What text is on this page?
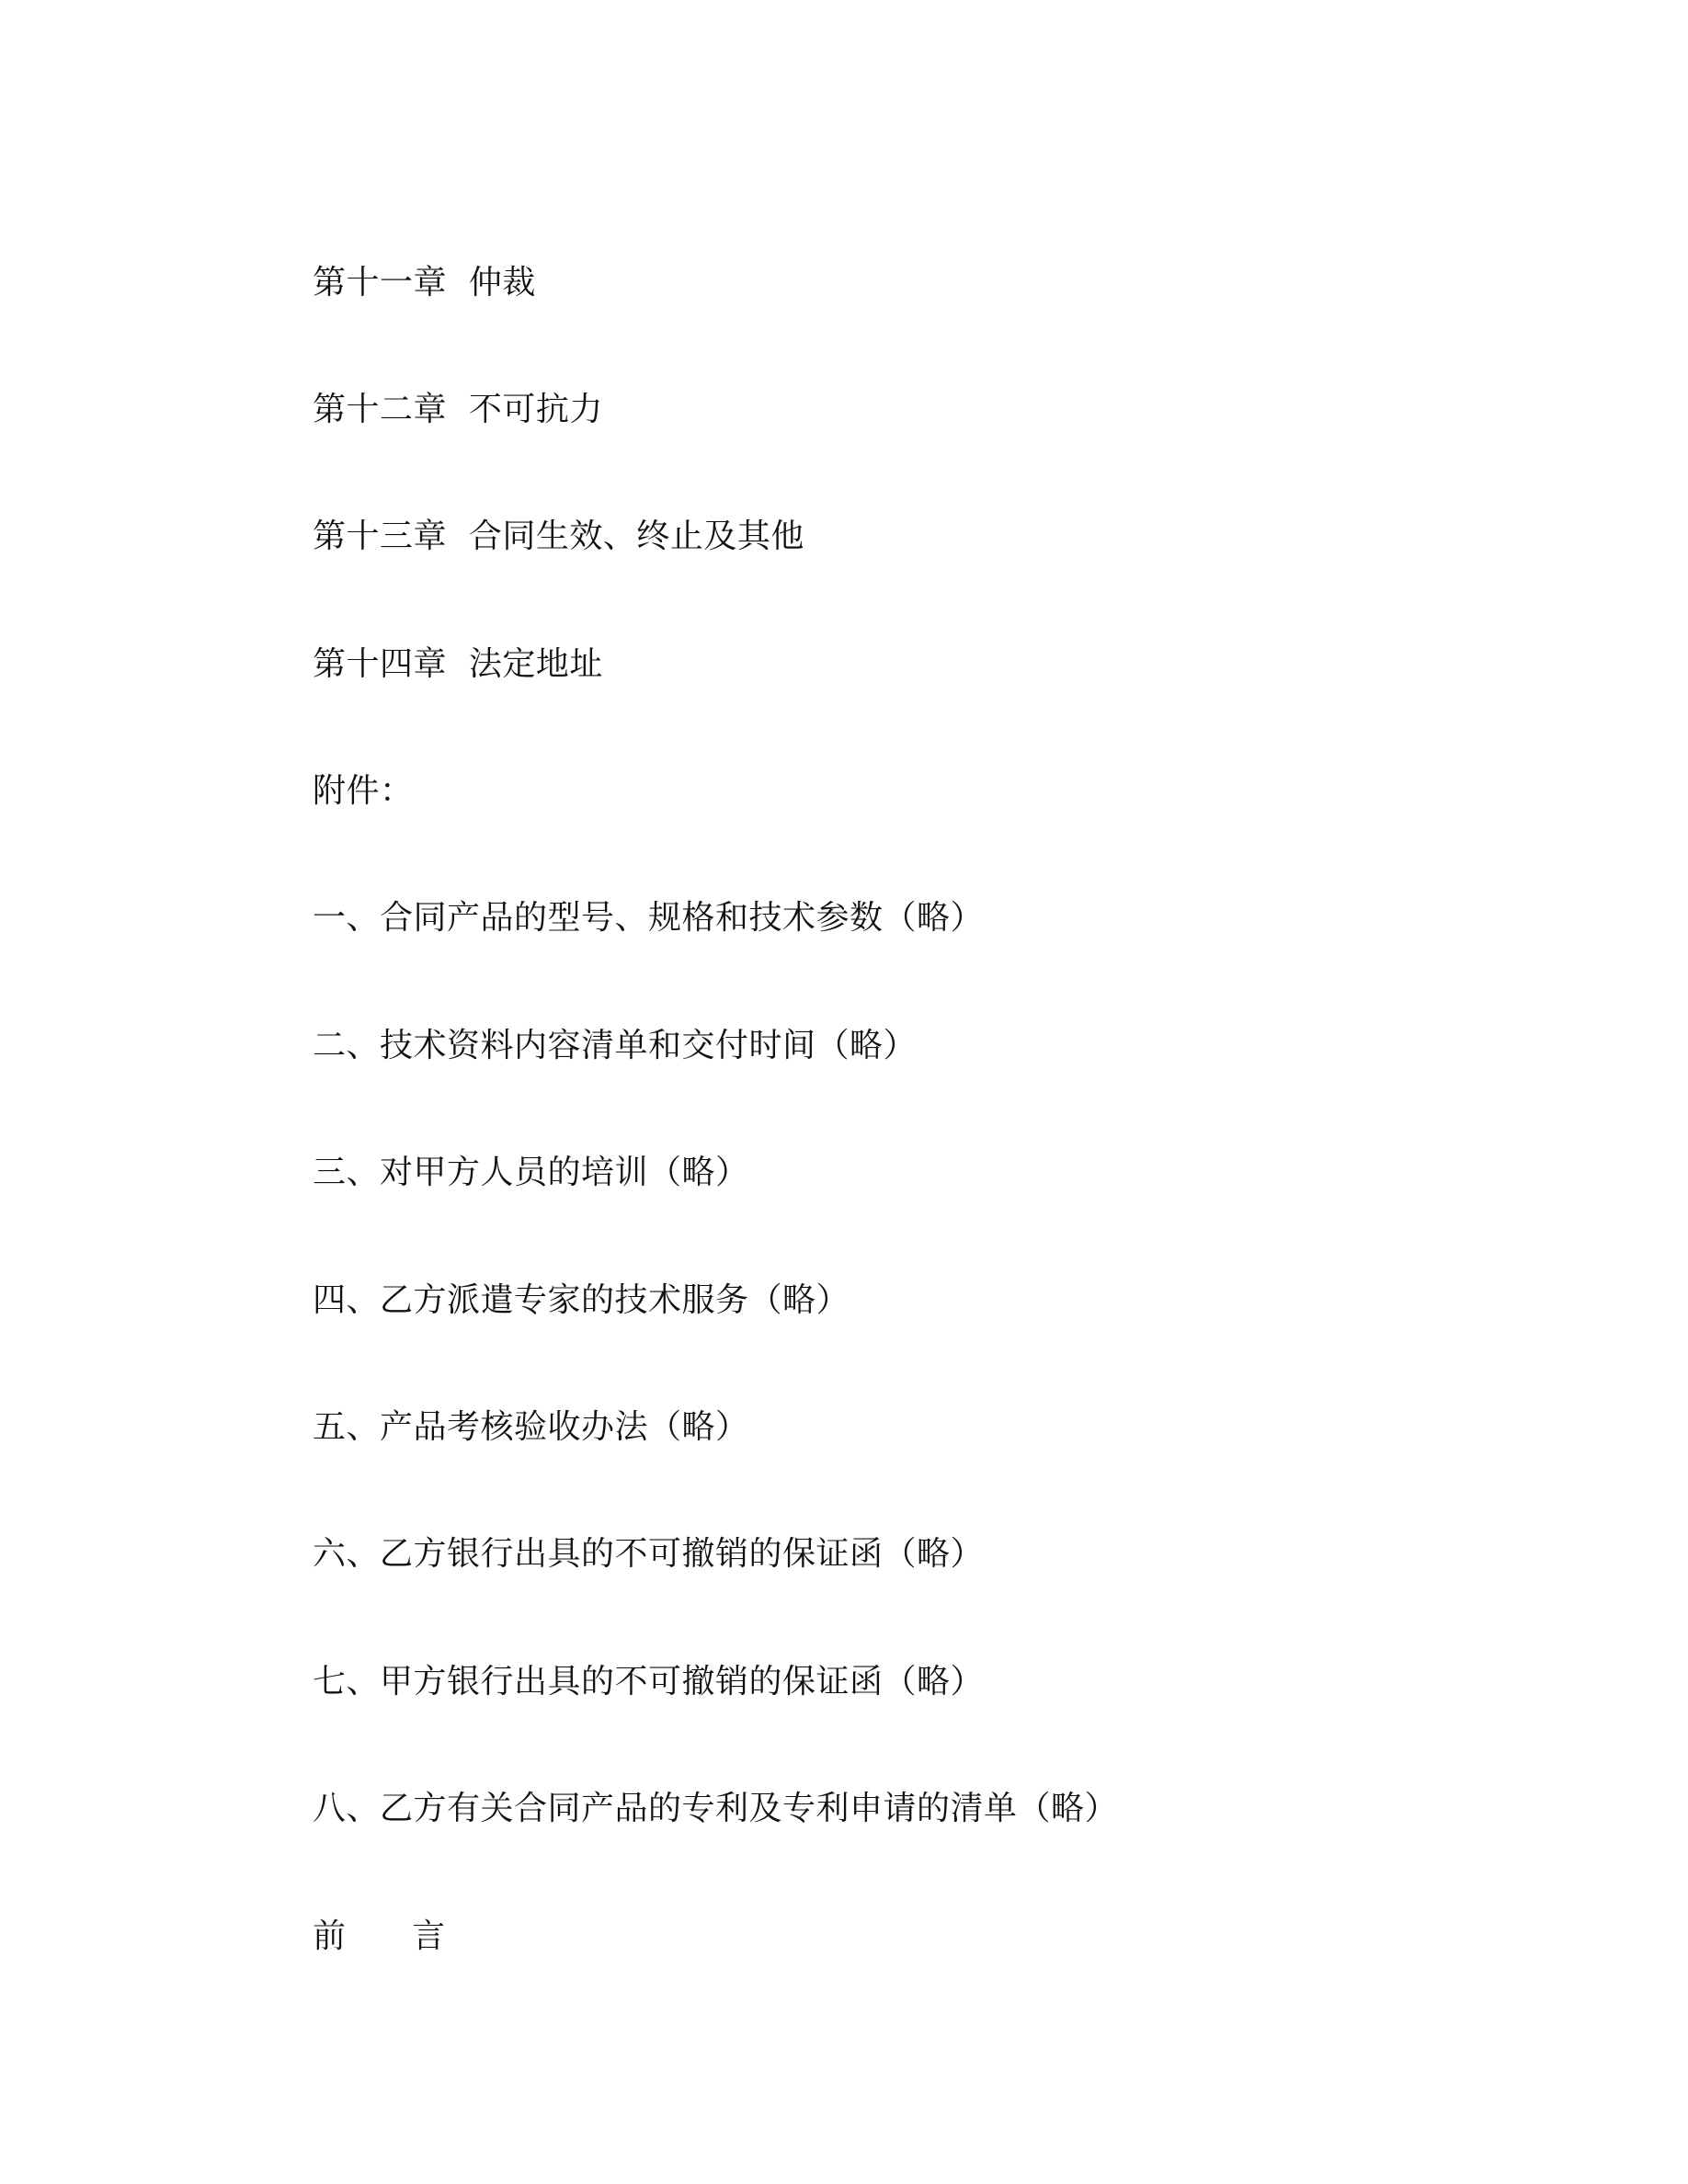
第十一章  仲裁

第十二章  不可抗力

第十三章  合同生效、终止及其他

第十四章  法定地址

附件：

一、合同产品的型号、规格和技术参数（略）

二、技术资料内容清单和交付时间（略）

三、对甲方人员的培训（略）

四、乙方派遣专家的技术服务（略）

五、产品考核验收办法（略）

六、乙方银行出具的不可撤销的保证函（略）

七、甲方银行出具的不可撤销的保证函（略）

八、乙方有关合同产品的专利及专利申请的清单（略）

前      言
